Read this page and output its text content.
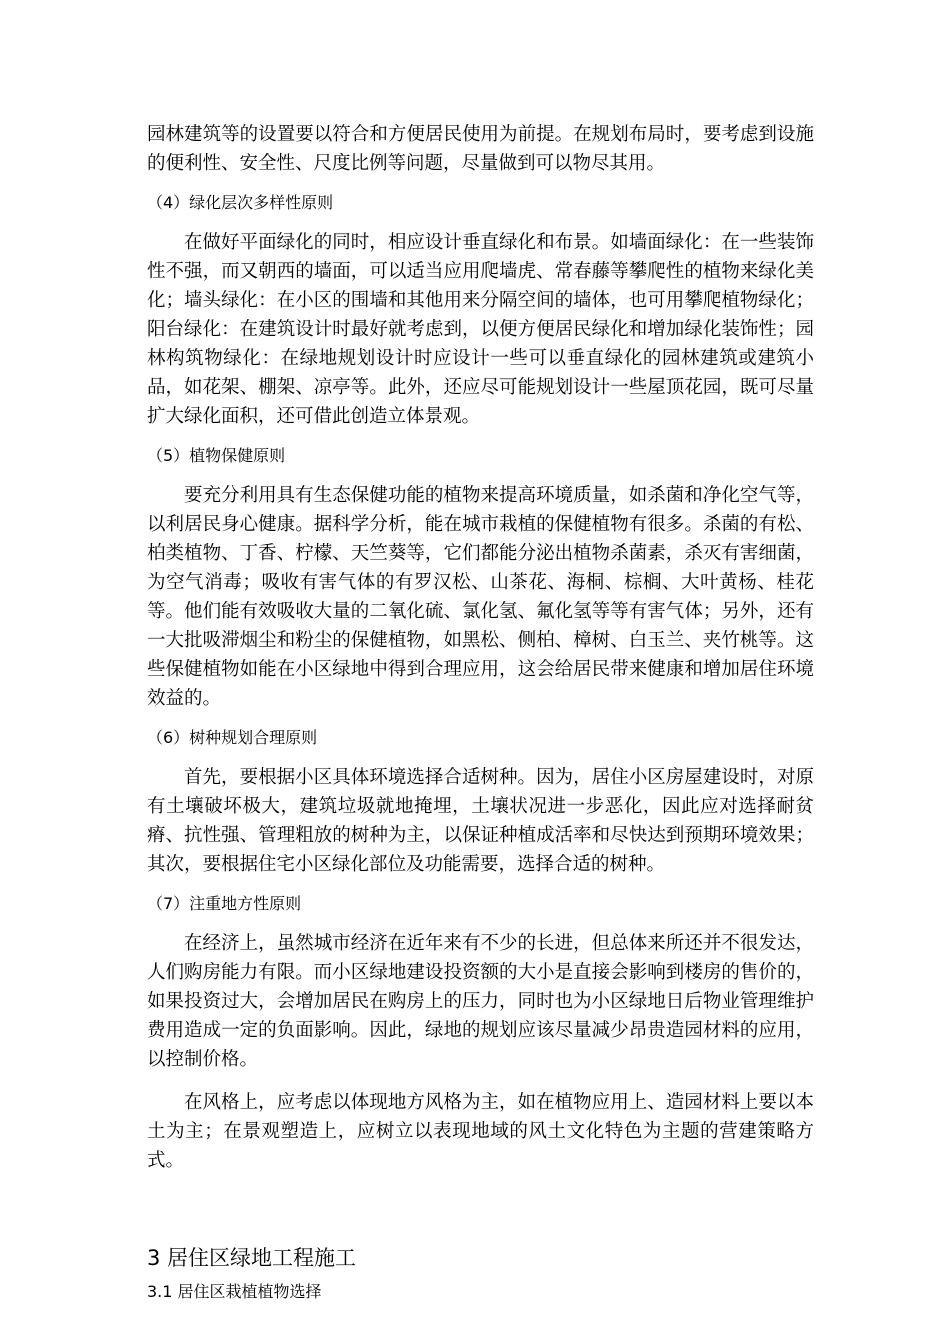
园林建筑等的设置要以符合和方便居民使用为前提。在规划布局时，要考虑到设施的便利性、安全性、尺度比例等问题，尽量做到可以物尽其用。

（4）绿化层次多样性原则

在做好平面绿化的同时，相应设计垂直绿化和布景。如墙面绿化：在一些装饰性不强，而又朝西的墙面，可以适当应用爬墙虎、常春藤等攀爬性的植物来绿化美化；墙头绿化：在小区的围墙和其他用来分隔空间的墙体，也可用攀爬植物绿化；阳台绿化：在建筑设计时最好就考虑到，以便方便居民绿化和增加绿化装饰性；园林构筑物绿化：在绿地规划设计时应设计一些可以垂直绿化的园林建筑或建筑小品，如花架、棚架、凉亭等。此外，还应尽可能规划设计一些屋顶花园，既可尽量扩大绿化面积，还可借此创造立体景观。

（5）植物保健原则

要充分利用具有生态保健功能的植物来提高环境质量，如杀菌和净化空气等，以利居民身心健康。据科学分析，能在城市栽植的保健植物有很多。杀菌的有松、柏类植物、丁香、柠檬、天竺葵等，它们都能分泌出植物杀菌素，杀灭有害细菌，为空气消毒；吸收有害气体的有罗汉松、山茶花、海桐、棕榈、大叶黄杨、桂花等。他们能有效吸收大量的二氧化硫、氯化氢、氟化氢等等有害气体；另外，还有一大批吸滞烟尘和粉尘的保健植物，如黑松、侧柏、樟树、白玉兰、夹竹桃等。这些保健植物如能在小区绿地中得到合理应用，这会给居民带来健康和增加居住环境效益的。

（6）树种规划合理原则

首先，要根据小区具体环境选择合适树种。因为，居住小区房屋建设时，对原有土壤破坏极大，建筑垃圾就地掩埋，土壤状况进一步恶化，因此应对选择耐贫瘠、抗性强、管理粗放的树种为主，以保证种植成活率和尽快达到预期环境效果；其次，要根据住宅小区绿化部位及功能需要，选择合适的树种。

（7）注重地方性原则

在经济上，虽然城市经济在近年来有不少的长进，但总体来所还并不很发达，人们购房能力有限。而小区绿地建设投资额的大小是直接会影响到楼房的售价的，如果投资过大，会增加居民在购房上的压力，同时也为小区绿地日后物业管理维护费用造成一定的负面影响。因此，绿地的规划应该尽量减少昂贵造园材料的应用，以控制价格。

在风格上，应考虑以体现地方风格为主，如在植物应用上、造园材料上要以本土为主；在景观塑造上，应树立以表现地域的风土文化特色为主题的营建策略方式。

3 居住区绿地工程施工

3.1 居住区栽植植物选择
